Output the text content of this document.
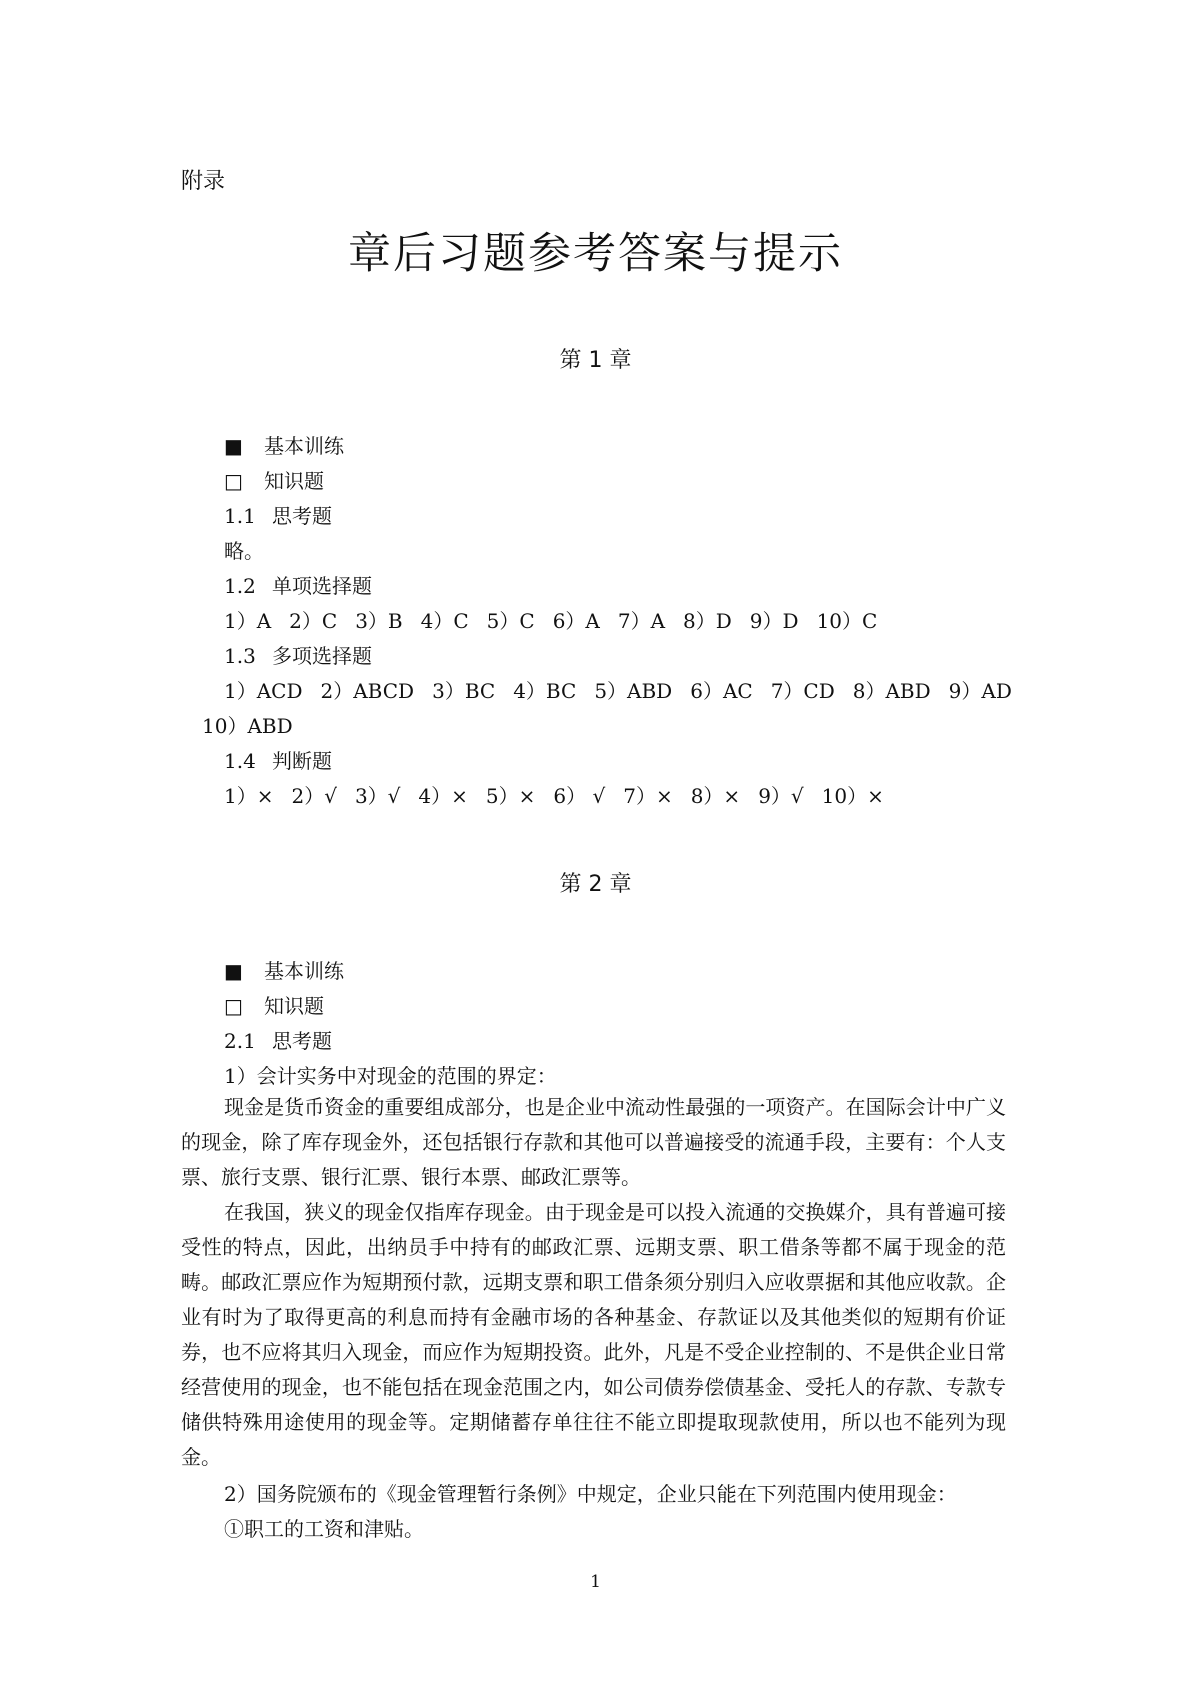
附录
章后习题参考答案与提示
第 1 章
■ 基本训练
□ 知识题
1.1 思考题
略。
1.2 单项选择题
1）A 2）C 3）B 4）C 5）C 6）A 7）A 8）D 9）D 10）C
1.3 多项选择题
1）ACD 2）ABCD 3）BC 4）BC 5）ABD 6）AC 7）CD 8）ABD 9）AD
10）ABD
1.4 判断题
1）× 2）√ 3）√ 4）× 5）× 6） √ 7）× 8）× 9）√ 10）×
第 2 章
■ 基本训练
□ 知识题
2.1 思考题
1）会计实务中对现金的范围的界定：
现金是货币资金的重要组成部分，也是企业中流动性最强的一项资产。在国际会计中广义的现金，除了库存现金外，还包括银行存款和其他可以普遍接受的流通手段，主要有：个人支票、旅行支票、银行汇票、银行本票、邮政汇票等。
在我国，狭义的现金仅指库存现金。由于现金是可以投入流通的交换媒介，具有普遍可接受性的特点，因此，出纳员手中持有的邮政汇票、远期支票、职工借条等都不属于现金的范畴。邮政汇票应作为短期预付款，远期支票和职工借条须分别归入应收票据和其他应收款。企业有时为了取得更高的利息而持有金融市场的各种基金、存款证以及其他类似的短期有价证券，也不应将其归入现金，而应作为短期投资。此外，凡是不受企业控制的、不是供企业日常经营使用的现金，也不能包括在现金范围之内，如公司债券偿债基金、受托人的存款、专款专储供特殊用途使用的现金等。定期储蓄存单往往不能立即提取现款使用，所以也不能列为现金。
2）国务院颁布的《现金管理暂行条例》中规定，企业只能在下列范围内使用现金：
①职工的工资和津贴。
1
